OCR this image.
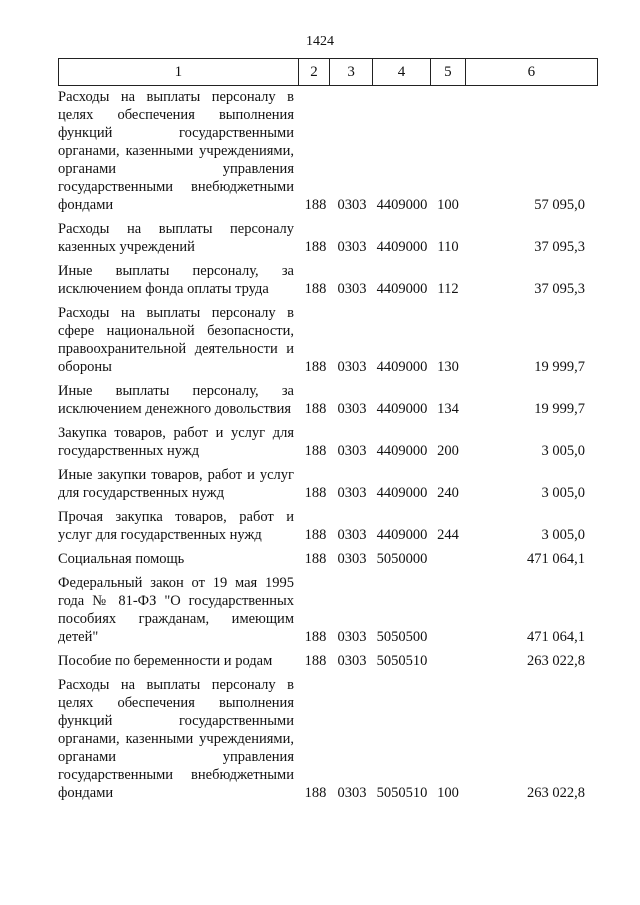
1424
1	2	3	4	5	6
Расходы на выплаты персоналу в целях обеспечения выполнения функций государственными органами, казенными учреждениями, органами управления государственными внебюджетными фондами	188 0303 4409000 100	57 095,0
Расходы на выплаты персоналу казенных учреждений	188 0303 4409000 110	37 095,3
Иные выплаты персоналу, за исключением фонда оплаты труда	188 0303 4409000 112	37 095,3
Расходы на выплаты персоналу в сфере национальной безопасности, правоохранительной деятельности и обороны	188 0303 4409000 130	19 999,7
Иные выплаты персоналу, за исключением денежного довольствия 188 0303 4409000 134	19 999,7
Закупка товаров, работ и услуг для государственных нужд	188 0303 4409000 200	3 005,0
Иные закупки товаров, работ и услуг для государственных нужд	188 0303 4409000 240	3 005,0
Прочая закупка товаров, работ и услуг для государственных нужд	188 0303 4409000 244	3 005,0
Социальная помощь	188 0303 5050000	471 064,1
Федеральный закон от 19 мая 1995 года № 81-ФЗ "О государственных пособиях гражданам, имеющим детей"	188 0303 5050500	471 064,1
Пособие по беременности и родам	188 0303 5050510	263 022,8
Расходы на выплаты персоналу в целях обеспечения выполнения функций государственными органами, казенными учреждениями, органами управления государственными внебюджетными фондами	188 0303 5050510 100	263 022,8
